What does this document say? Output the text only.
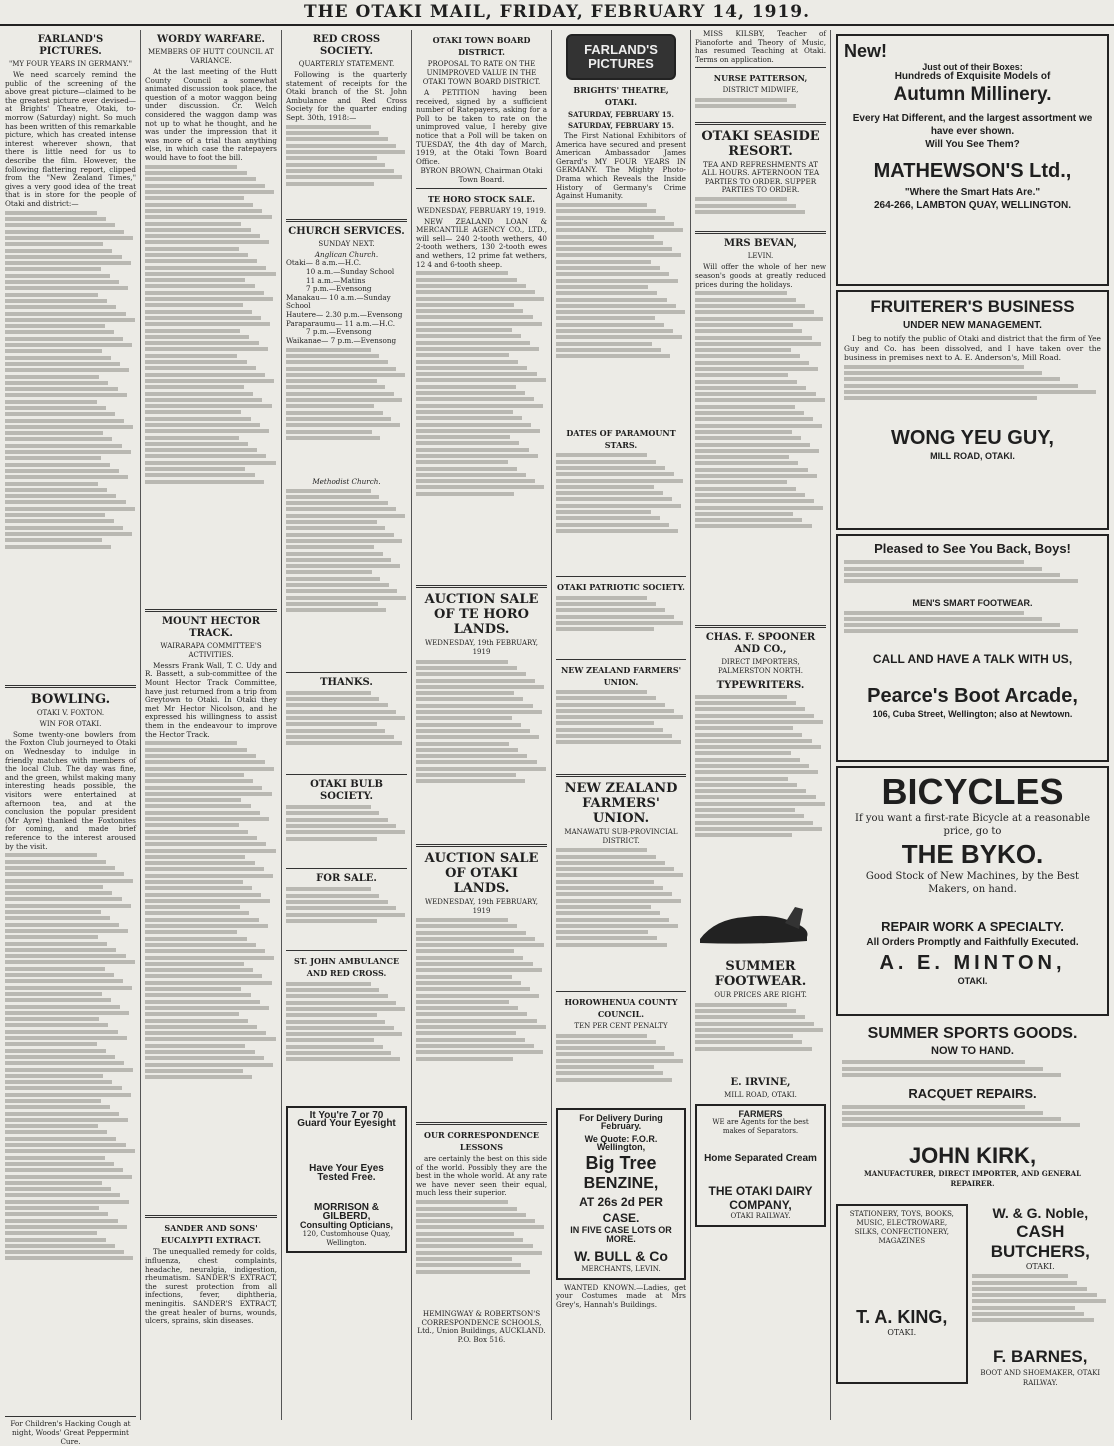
THE OTAKI MAIL, FRIDAY, FEBRUARY 14, 1919.
FARLAND'S PICTURES.
"MY FOUR YEARS IN GERMANY."

We need scarcely remind the public of the screening of the above great picture—claimed to be the greatest picture ever devised—at Brights' Theatre, Otaki, to-morrow (Saturday) night. So much has been written of this remarkable picture, which has created intense interest wherever shown, that there is little need for us to describe the film. However, the following flattering report, clipped from the "New Zealand Times," gives a very good idea of the treat that is in store for the people of Otaki and district:—

BOWLING.
OTAKI V. FOXTON.
WIN FOR OTAKI.

Some twenty-one bowlers from the Foxton Club journeyed to Otaki on Wednesday to indulge in friendly matches with members of the local Club. The day was fine, and the green, whilst making many interesting heads possible, the visitors were entertained at afternoon tea, and at the conclusion the popular president (Mr Ayre) thanked the Foxtonites for coming, and made brief reference to the interest aroused by the visit.

For Children's Hacking Cough at night, Woods' Great Peppermint Cure.

WORDY WARFARE.
MEMBERS OF HUTT COUNCIL AT VARIANCE.

At the last meeting of the Hutt County Council a somewhat animated discussion took place, the question of a motor waggon being under discussion. Cr. Welch considered the waggon damp was not up to what he thought, and he was under the impression that it was more of a trial than anything else, in which case the ratepayers would have to foot the bill.

MOUNT HECTOR TRACK.
WAIRARAPA COMMITTEE'S ACTIVITIES.

Messrs Frank Wall, T. C. Udy and R. Bassett, a sub-committee of the Mount Hector Track Committee, have just returned from a trip from Greytown to Otaki. In Otaki they met Mr Hector Nicolson, and he expressed his willingness to assist them in the endeavour to improve the Hector Track.

SANDER AND SONS' EUCALYPTI EXTRACT.

The unequalled remedy for colds, influenza, chest complaints, headache, neuralgia, indigestion, rheumatism. SANDER'S EXTRACT, the surest protection from all infections, fever, diphtheria, meningitis. SANDER'S EXTRACT, the great healer of burns, wounds, ulcers, sprains, skin diseases.

RED CROSS SOCIETY.
QUARTERLY STATEMENT.

Following is the quarterly statement of receipts for the Otaki branch of the St. John Ambulance and Red Cross Society for the quarter ending Sept. 30th, 1918:—

CHURCH SERVICES.
SUNDAY NEXT.
Anglican Church.
Otaki— 8 a.m.—H.C.
10 a.m.—Sunday School
11 a.m.—Matins
7 p.m.—Evensong
Manakau— 10 a.m.—Sunday School
Hautere— 2.30 p.m.—Evensong
Paraparaumu— 11 a.m.—H.C.
7 p.m.—Evensong
Waikanae— 7 p.m.—Evensong
Methodist Church.
THANKS.
OTAKI BULB SOCIETY.
FOR SALE.
ST. JOHN AMBULANCE AND RED CROSS.
It You're 7 or 70
Guard Your Eyesight
Have Your Eyes Tested Free.
MORRISON & GILBERD,
Consulting Opticians,
120, Customhouse Quay, Wellington.
OTAKI TOWN BOARD DISTRICT.
PROPOSAL TO RATE ON THE UNIMPROVED VALUE IN THE OTAKI TOWN BOARD DISTRICT.

A PETITION having been received, signed by a sufficient number of Ratepayers, asking for a Poll to be taken to rate on the unimproved value, I hereby give notice that a Poll will be taken on TUESDAY, the 4th day of March, 1919, at the Otaki Town Board Office.

BYRON BROWN, Chairman Otaki Town Board.
TE HORO STOCK SALE.
WEDNESDAY, FEBRUARY 19, 1919.

NEW ZEALAND LOAN & MERCANTILE AGENCY CO., LTD., will sell— 240 2-tooth wethers, 40 2-tooth wethers, 130 2-tooth ewes and wethers, 12 prime fat wethers, 12 4 and 6-tooth sheep.

AUCTION SALE OF TE HORO LANDS.
WEDNESDAY, 19th FEBRUARY, 1919
AUCTION SALE OF OTAKI LANDS.
WEDNESDAY, 19th FEBRUARY, 1919
OUR CORRESPONDENCE LESSONS

are certainly the best on this side of the world. Possibly they are the best in the whole world. At any rate we have never seen their equal, much less their superior.

HEMINGWAY & ROBERTSON'S CORRESPONDENCE SCHOOLS, Ltd., Union Buildings, AUCKLAND. P.O. Box 516.
FARLAND'S
PICTURES
BRIGHTS' THEATRE, OTAKI.
SATURDAY, FEBRUARY 15.
SATURDAY, FEBRUARY 15.

The First National Exhibitors of America have secured and present American Ambassador James Gerard's MY FOUR YEARS IN GERMANY. The Mighty Photo-Drama which Reveals the Inside History of Germany's Crime Against Humanity.

DATES OF PARAMOUNT STARS.
OTAKI PATRIOTIC SOCIETY.
NEW ZEALAND FARMERS' UNION.
NEW ZEALAND FARMERS' UNION.
MANAWATU SUB-PROVINCIAL DISTRICT.
HOROWHENUA COUNTY COUNCIL.
TEN PER CENT PENALTY
For Delivery During February.
We Quote: F.O.R. Wellington,
Big Tree
BENZINE,
AT 26s 2d PER CASE.
IN FIVE CASE LOTS OR MORE.
W. BULL & Co
MERCHANTS, LEVIN.

WANTED KNOWN.—Ladies, get your Costumes made at Mrs Grey's, Hannah's Buildings.

MISS KILSBY, Teacher of Pianoforte and Theory of Music, has resumed Teaching at Otaki. Terms on application.

NURSE PATTERSON,
DISTRICT MIDWIFE,
OTAKI SEASIDE RESORT.

TEA AND REFRESHMENTS AT ALL HOURS. AFTERNOON TEA PARTIES TO ORDER. SUPPER PARTIES TO ORDER.

MRS BEVAN,
LEVIN.

Will offer the whole of her new season's goods at greatly reduced prices during the holidays.

CHAS. F. SPOONER AND CO.,
DIRECT IMPORTERS, PALMERSTON NORTH.
TYPEWRITERS.
SUMMER FOOTWEAR.
OUR PRICES ARE RIGHT.
E. IRVINE,
MILL ROAD, OTAKI.
FARMERS
WE are Agents for the best makes of Separators.
Home Separated Cream
THE OTAKI DAIRY COMPANY,
OTAKI RAILWAY.
New!
Just out of their Boxes:
Hundreds of Exquisite Models of
Autumn Millinery.
Every Hat Different, and the largest assortment we have ever shown.
Will You See Them?
MATHEWSON'S Ltd.,
"Where the Smart Hats Are."
264-266, LAMBTON QUAY, WELLINGTON.
FRUITERER'S BUSINESS
UNDER NEW MANAGEMENT.

I beg to notify the public of Otaki and district that the firm of Yee Guy and Co. has been dissolved, and I have taken over the business in premises next to A. E. Anderson's, Mill Road.

WONG YEU GUY,
MILL ROAD, OTAKI.
Pleased to See You Back, Boys!
MEN'S SMART FOOTWEAR.
CALL AND HAVE A TALK WITH US,
Pearce's Boot Arcade,
106, Cuba Street, Wellington; also at Newtown.
BICYCLES
If you want a first-rate Bicycle at a reasonable price, go to
THE BYKO.
Good Stock of New Machines, by the Best Makers, on hand.
REPAIR WORK A SPECIALTY.
All Orders Promptly and Faithfully Executed.
A. E. MINTON,
OTAKI.
SUMMER SPORTS GOODS.
NOW TO HAND.
RACQUET REPAIRS.
JOHN KIRK,
MANUFACTURER, DIRECT IMPORTER, AND GENERAL REPAIRER.
STATIONERY, TOYS, BOOKS, MUSIC, ELECTROWARE, SILKS, CONFECTIONERY, MAGAZINES
T. A. KING,
OTAKI.
W. & G. Noble,
CASH BUTCHERS,
OTAKI.
F. BARNES,
BOOT AND SHOEMAKER, OTAKI RAILWAY.
